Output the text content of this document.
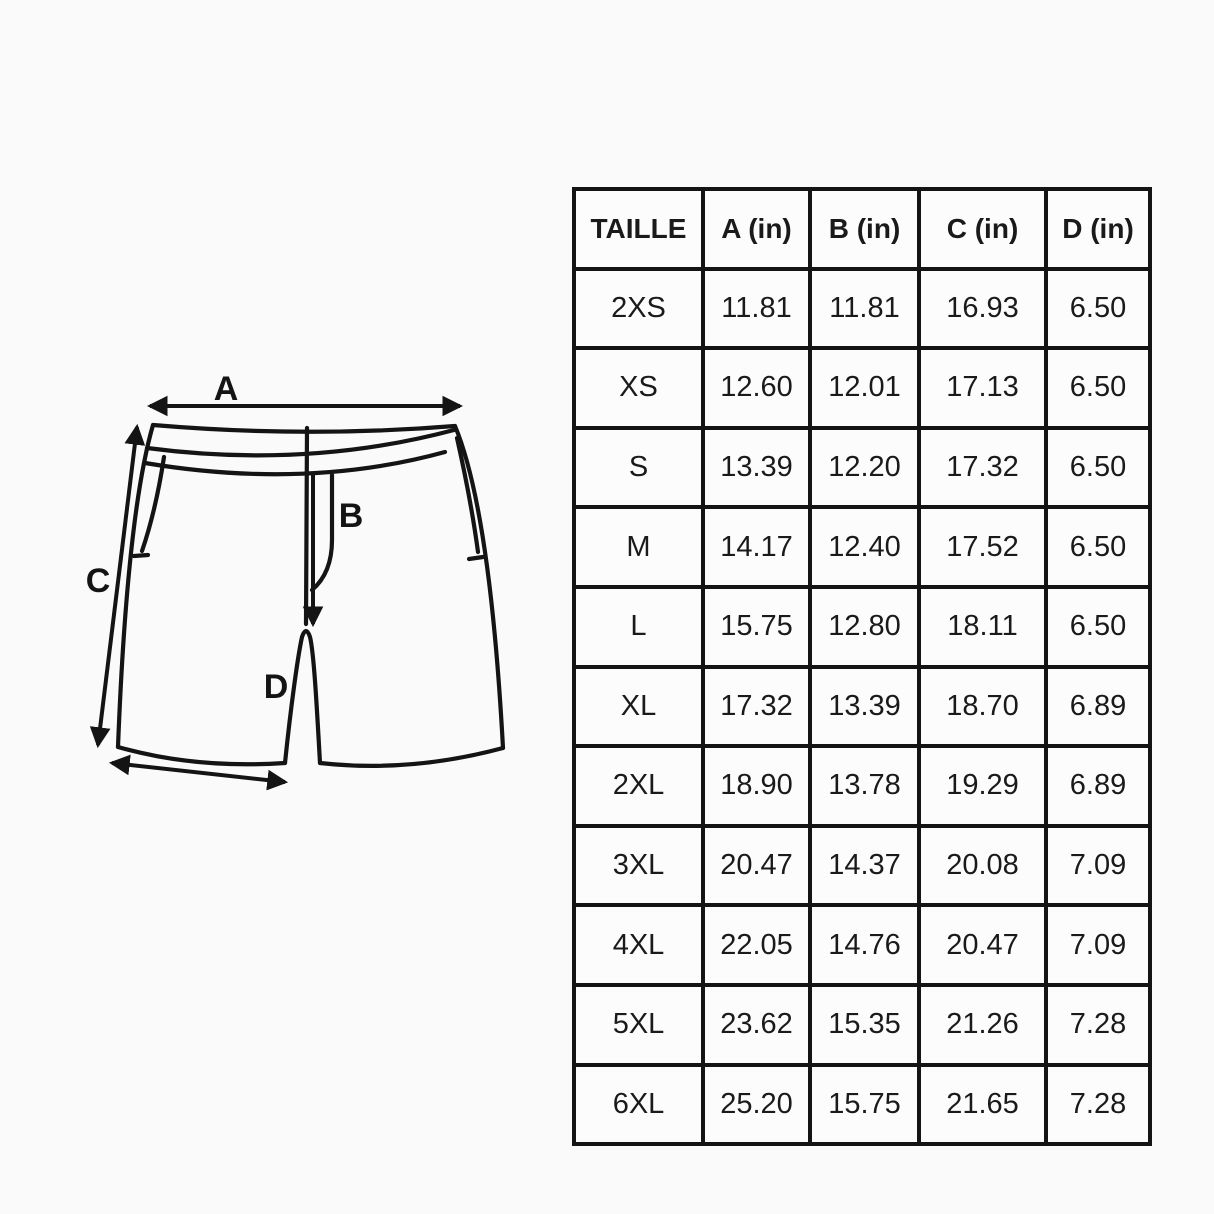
A
B
C
D
TAILLE	A (in)	B (in)	C (in)	D (in)
2XS	11.81	11.81	16.93	6.50
XS	12.60	12.01	17.13	6.50
S	13.39	12.20	17.32	6.50
M	14.17	12.40	17.52	6.50
L	15.75	12.80	18.11	6.50
XL	17.32	13.39	18.70	6.89
2XL	18.90	13.78	19.29	6.89
3XL	20.47	14.37	20.08	7.09
4XL	22.05	14.76	20.47	7.09
5XL	23.62	15.35	21.26	7.28
6XL	25.20	15.75	21.65	7.28
